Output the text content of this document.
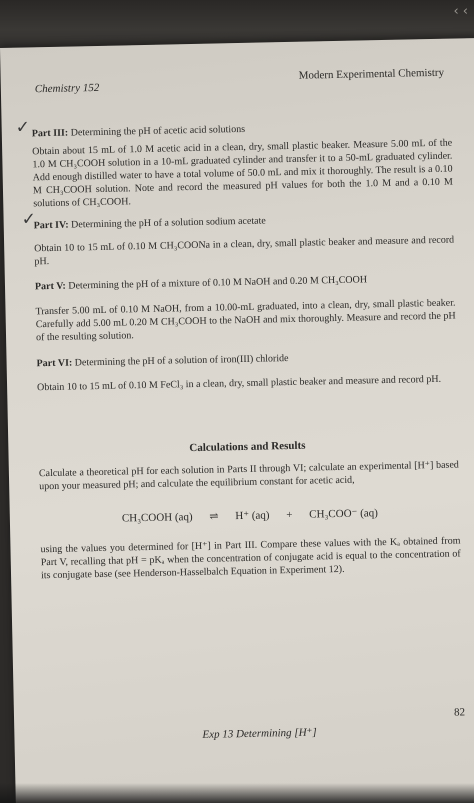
‹ ‹
Chemistry 152
Modern Experimental Chemistry
✓ Part III: Determining the pH of acetic acid solutions
Obtain about 15 mL of 1.0 M acetic acid in a clean, dry, small plastic beaker. Measure 5.00 mL of the 1.0 M CH₃COOH solution in a 10-mL graduated cylinder and transfer it to a 50-mL graduated cylinder. Add enough distilled water to have a total volume of 50.0 mL and mix it thoroughly. The result is a 0.10 M CH₃COOH solution. Note and record the measured pH values for both the 1.0 M and a 0.10 M solutions of CH₃COOH.
✓
Part IV: Determining the pH of a solution sodium acetate
Obtain 10 to 15 mL of 0.10 M CH₃COONa in a clean, dry, small plastic beaker and measure and record pH.
Part V: Determining the pH of a mixture of 0.10 M NaOH and 0.20 M CH₃COOH
Transfer 5.00 mL of 0.10 M NaOH, from a 10.00-mL graduated, into a clean, dry, small plastic beaker. Carefully add 5.00 mL 0.20 M CH₃COOH to the NaOH and mix thoroughly. Measure and record the pH of the resulting solution.
Part VI: Determining the pH of a solution of iron(III) chloride
Obtain 10 to 15 mL of 0.10 M FeCl₃ in a clean, dry, small plastic beaker and measure and record pH.
Calculations and Results
Calculate a theoretical pH for each solution in Parts II through VI; calculate an experimental [H⁺] based upon your measured pH; and calculate the equilibrium constant for acetic acid,
CH₃COOH (aq) ⇌ H⁺ (aq) + CH₃COO⁻ (aq)
using the values you determined for [H⁺] in Part III. Compare these values with the Kₐ obtained from Part V, recalling that pH = pKₐ when the concentration of conjugate acid is equal to the concentration of its conjugate base (see Henderson-Hasselbalch Equation in Experiment 12).
82
Exp 13 Determining [H⁺]
